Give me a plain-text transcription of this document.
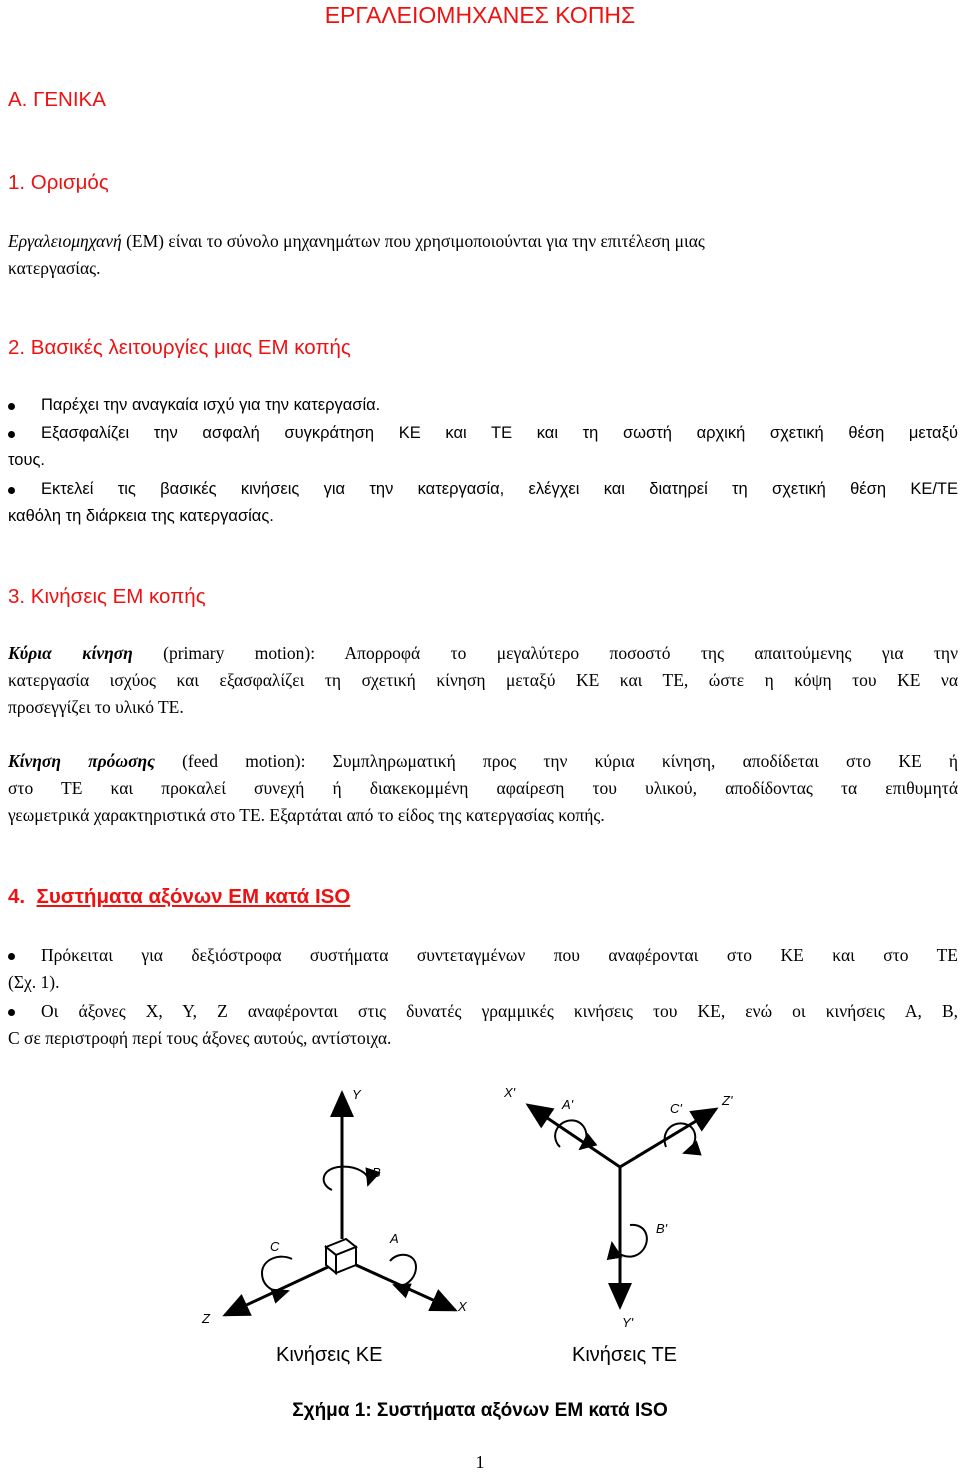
ΕΡΓΑΛΕΙΟΜΗΧΑΝΕΣ ΚΟΠΗΣ
Α. ΓΕΝΙΚΑ
1. Ορισμός
Εργαλειομηχανή (ΕΜ) είναι το σύνολο μηχανημάτων που χρησιμοποιούνται για την επιτέλεση μιας
κατεργασίας.
2. Βασικές λειτουργίες μιας ΕΜ κοπής
Παρέχει την αναγκαία ισχύ για την κατεργασία.
Εξασφαλίζει την ασφαλή συγκράτηση ΚΕ και ΤΕ και τη σωστή αρχική σχετική θέση μεταξύ
τους.
Εκτελεί τις βασικές κινήσεις για την κατεργασία, ελέγχει και διατηρεί τη σχετική θέση ΚΕ/ΤΕ
καθόλη τη διάρκεια της κατεργασίας.
3. Κινήσεις ΕΜ κοπής
Κύρια κίνηση (primary motion): Απορροφά το μεγαλύτερο ποσοστό της απαιτούμενης για την
κατεργασία ισχύος και εξασφαλίζει τη σχετική κίνηση μεταξύ ΚΕ και ΤΕ, ώστε η κόψη του ΚΕ να
προσεγγίζει το υλικό ΤΕ.
Κίνηση πρόωσης (feed motion): Συμπληρωματική προς την κύρια κίνηση, αποδίδεται στο ΚΕ ή
στο ΤΕ και προκαλεί συνεχή ή διακεκομμένη αφαίρεση του υλικού, αποδίδοντας τα επιθυμητά
γεωμετρικά χαρακτηριστικά στο ΤΕ. Εξαρτάται από το είδος της κατεργασίας κοπής.
4. Συστήματα αξόνων ΕΜ κατά ISO
Πρόκειται για δεξιόστροφα συστήματα συντεταγμένων που αναφέρονται στο ΚΕ και στο ΤΕ
(Σχ. 1).
Οι άξονες X, Y, Z αναφέρονται στις δυνατές γραμμικές κινήσεις του ΚΕ, ενώ οι κινήσεις A, B,
C σε περιστροφή περί τους άξονες αυτούς, αντίστοιχα.
Y
B
A
C
X
Z
X'
A'	C'
Z'
B'
Y'
Κινήσεις ΚΕ	Κινήσεις ΤΕ
Σχήμα 1: Συστήματα αξόνων ΕΜ κατά ISO
1
